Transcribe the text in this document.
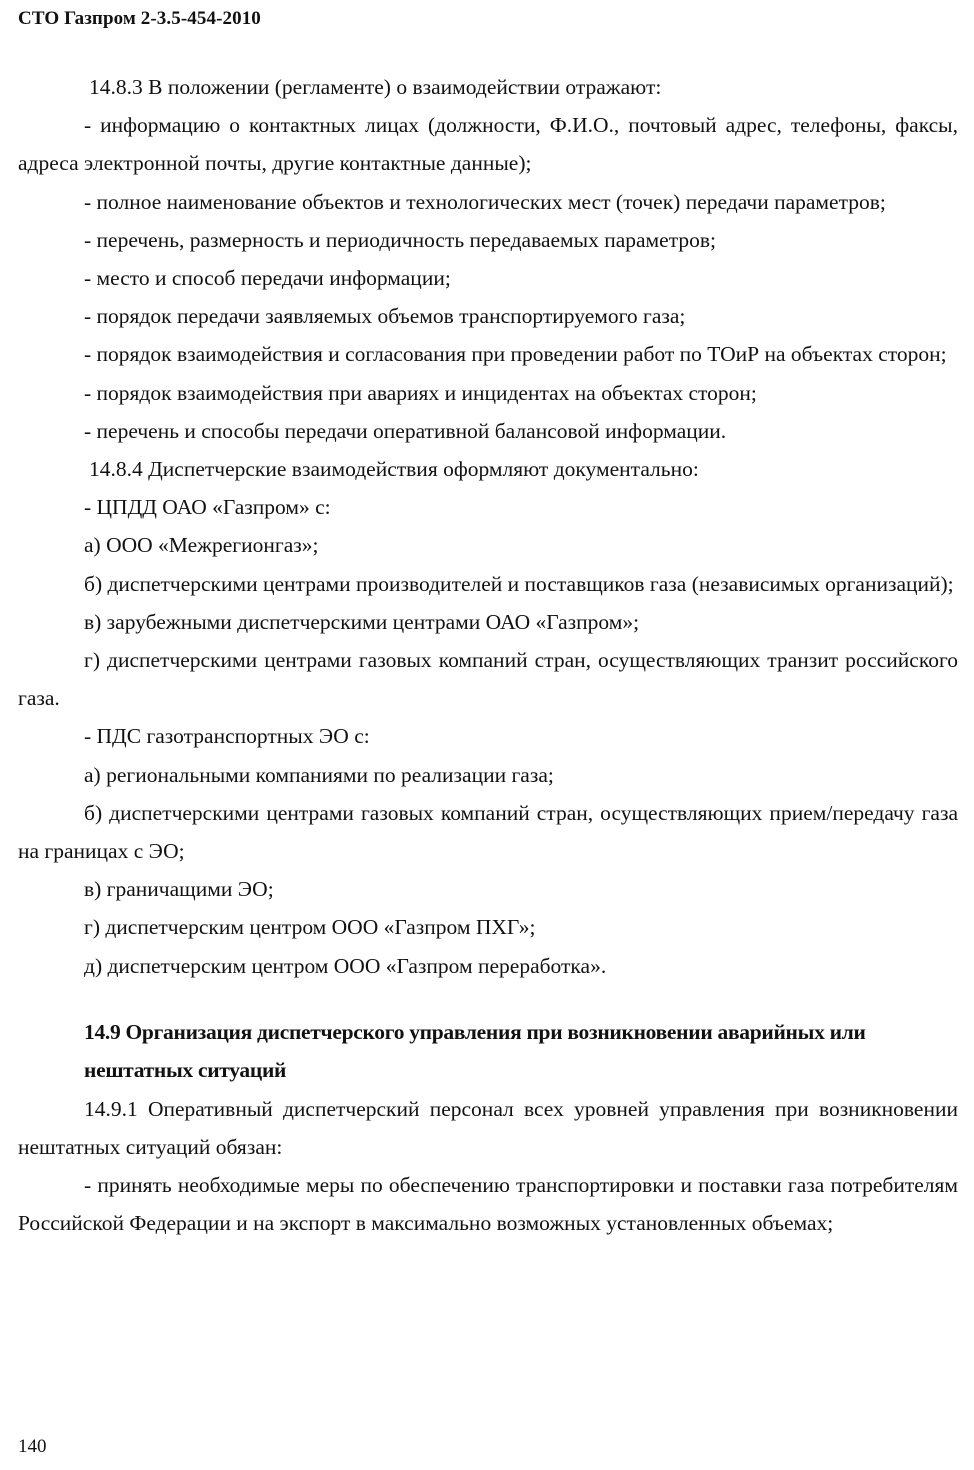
СТО Газпром 2-3.5-454-2010

14.8.3 В положении (регламенте) о взаимодействии отражают:

- информацию о контактных лицах (должности, Ф.И.О., почтовый адрес, телефоны, факсы, адреса электронной почты, другие контактные данные);

- полное наименование объектов и технологических мест (точек) передачи параметров;

- перечень, размерность и периодичность передаваемых параметров;

- место и способ передачи информации;

- порядок передачи заявляемых объемов транспортируемого газа;

- порядок взаимодействия и согласования при проведении работ по ТОиР на объектах сторон;

- порядок взаимодействия при авариях и инцидентах на объектах сторон;

- перечень и способы передачи оперативной балансовой информации.

14.8.4 Диспетчерские взаимодействия оформляют документально:

- ЦПДД ОАО «Газпром» с:

а) ООО «Межрегионгаз»;

б) диспетчерскими центрами производителей и поставщиков газа (независимых организаций);

в) зарубежными диспетчерскими центрами ОАО «Газпром»;

г) диспетчерскими центрами газовых компаний стран, осуществляющих транзит российского газа.

- ПДС газотранспортных ЭО с:

а) региональными компаниями по реализации газа;

б) диспетчерскими центрами газовых компаний стран, осуществляющих прием/передачу газа на границах с ЭО;

в) граничащими ЭО;

г) диспетчерским центром ООО «Газпром ПХГ»;

д) диспетчерским центром ООО «Газпром переработка».

14.9 Организация диспетчерского управления при возникновении аварийных или нештатных ситуаций

14.9.1 Оперативный диспетчерский персонал всех уровней управления при возникновении нештатных ситуаций обязан:

- принять необходимые меры по обеспечению транспортировки и поставки газа потребителям Российской Федерации и на экспорт в максимально возможных установленных объемах;

140
